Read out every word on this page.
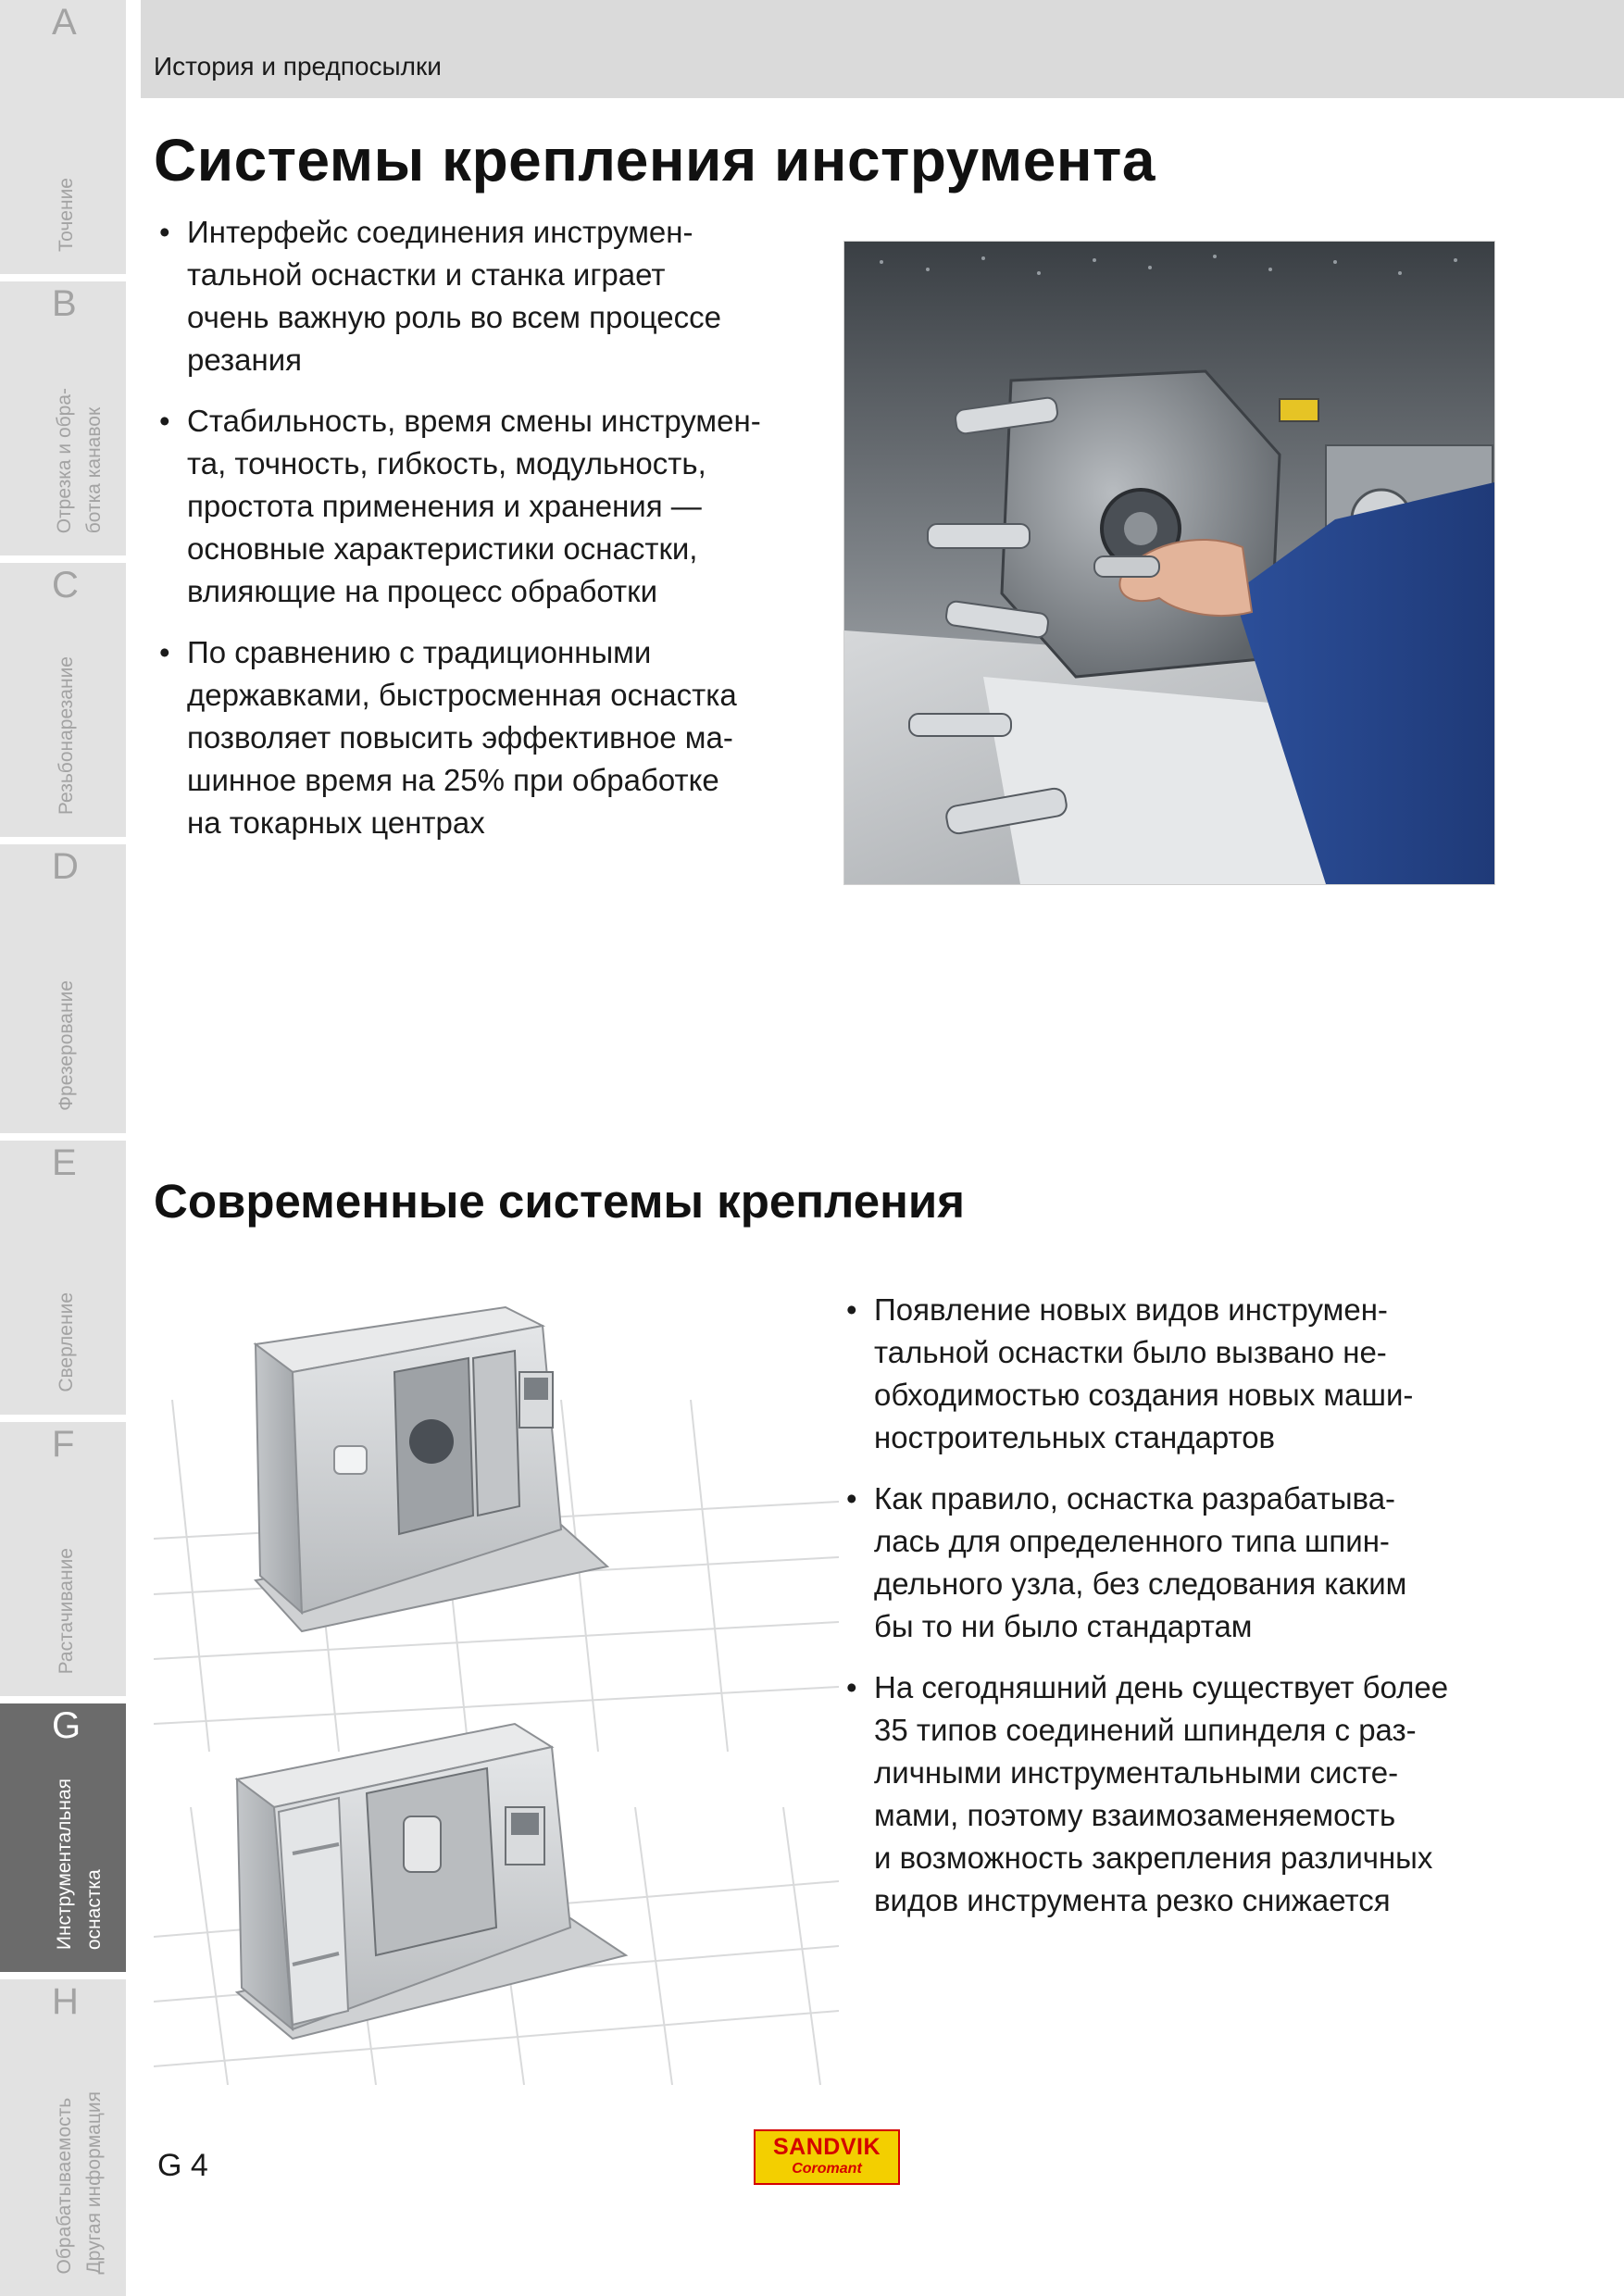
A
Точение
B
Отрезка и обра- ботка канавок
C
Резьбонарезание
D
Фрезерование
E
Сверление
F
Растачивание
G
Инструментальная оснастка
H
Обрабатываемость Другая информация
История и предпосылки
Системы крепления инструмента
• Интерфейс соединения инструмен-
тальной оснастки и станка играет
очень важную роль во всем процессе
резания
• Стабильность, время смены инструмен-
та, точность, гибкость, модульность,
простота применения и хранения —
основные характеристики оснастки,
влияющие на процесс обработки
• По сравнению с традиционными
державками, быстросменная оснастка
позволяет повысить эффективное ма-
шинное время на 25% при обработке
на токарных центрах
Современные системы крепления
• Появление новых видов инструмен-
тальной оснастки было вызвано не-
обходимостью создания новых маши-
ностроительных стандартов
• Как правило, оснастка разрабатыва-
лась для определенного типа шпин-
дельного узла, без следования каким
бы то ни было стандартам
• На сегодняшний день существует более
35 типов соединений шпинделя с раз-
личными инструментальными систе-
мами, поэтому взаимозаменяемость
и возможность закрепления различных
видов инструмента резко снижается
G 4
SANDVIK
Coromant
